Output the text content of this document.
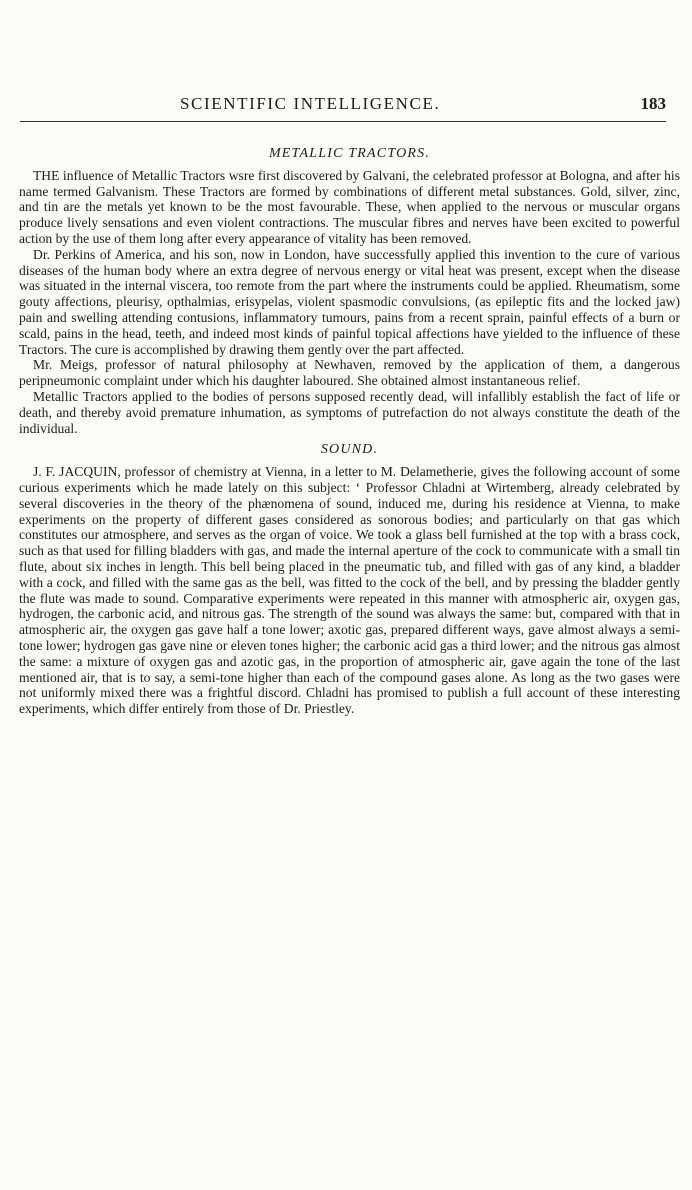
SCIENTIFIC INTELLIGENCE.	183
METALLIC TRACTORS.

THE influence of Metallic Tractors wsre first discovered by Galvani, the celebrated professor at Bologna, and after his name termed Galvanism. These Tractors are formed by combinations of different metal substances. Gold, silver, zinc, and tin are the metals yet known to be the most favourable. These, when applied to the nervous or muscular organs produce lively sensations and even violent contractions. The muscular fibres and nerves have been excited to powerful action by the use of them long after every appearance of vitality has been removed.

Dr. Perkins of America, and his son, now in London, have successfully applied this invention to the cure of various diseases of the human body where an extra degree of nervous energy or vital heat was present, except when the disease was situated in the internal viscera, too remote from the part where the instruments could be applied. Rheumatism, some gouty affections, pleurisy, opthalmias, erisypelas, violent spasmodic convulsions, (as epileptic fits and the locked jaw) pain and swelling attending contusions, inflammatory tumours, pains from a recent sprain, painful effects of a burn or scald, pains in the head, teeth, and indeed most kinds of painful topical affections have yielded to the influence of these Tractors. The cure is accomplished by drawing them gently over the part affected.

Mr. Meigs, professor of natural philosophy at Newhaven, removed by the application of them, a dangerous peripneumonic complaint under which his daughter laboured. She obtained almost instantaneous relief.

Metallic Tractors applied to the bodies of persons supposed recently dead, will infallibly establish the fact of life or death, and thereby avoid premature inhumation, as symptoms of putrefaction do not always constitute the death of the individual.

SOUND.

J. F. JACQUIN, professor of chemistry at Vienna, in a letter to M. Delametherie, gives the following account of some curious experiments which he made lately on this subject: ‘ Professor Chladni at Wirtemberg, already celebrated by several discoveries in the theory of the phænomena of sound, induced me, during his residence at Vienna, to make experiments on the property of different gases considered as sonorous bodies; and particularly on that gas which constitutes our atmosphere, and serves as the organ of voice. We took a glass bell furnished at the top with a brass cock, such as that used for filling bladders with gas, and made the internal aperture of the cock to communicate with a small tin flute, about six inches in length. This bell being placed in the pneumatic tub, and filled with gas of any kind, a bladder with a cock, and filled with the same gas as the bell, was fitted to the cock of the bell, and by pressing the bladder gently the flute was made to sound. Comparative experiments were repeated in this manner with atmospheric air, oxygen gas, hydrogen, the carbonic acid, and nitrous gas. The strength of the sound was always the same: but, compared with that in atmospheric air, the oxygen gas gave half a tone lower; axotic gas, prepared different ways, gave almost always a semi-tone lower; hydrogen gas gave nine or eleven tones higher; the carbonic acid gas a third lower; and the nitrous gas almost the same: a mixture of oxygen gas and azotic gas, in the proportion of atmospheric air, gave again the tone of the last mentioned air, that is to say, a semi-tone higher than each of the compound gases alone. As long as the two gases were not uniformly mixed there was a frightful discord. Chladni has promised to publish a full account of these interesting experiments, which differ entirely from those of Dr. Priestley.
